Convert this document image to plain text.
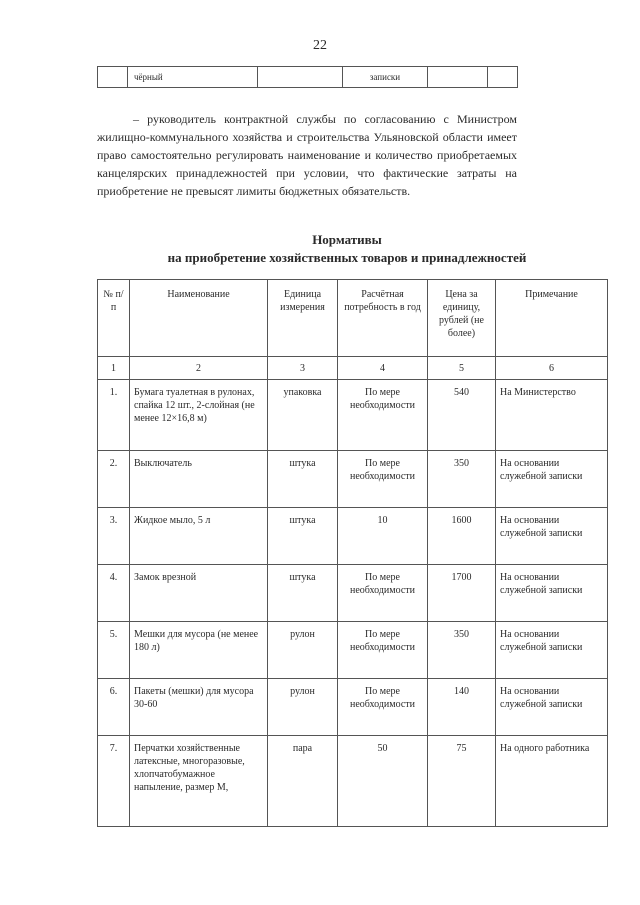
22
	чёрный		записки		

– руководитель контрактной службы по согласованию с Министром жилищно-коммунального хозяйства и строительства Ульяновской области имеет право самостоятельно регулировать наименование и количество приобретаемых канцелярских принадлежностей при условии, что фактические затраты на приобретение не превысят лимиты бюджетных обязательств.

Нормативы
на приобретение хозяйственных товаров и принадлежностей
№ п/п	Наименование	Единица измерения	Расчётная потребность в год	Цена за единицу, рублей (не более)	Примечание
1	2	3	4	5	6
1.	Бумага туалетная в рулонах, спайка 12 шт., 2-слойная (не менее 12×16,8 м)	упаковка	По мере необходимости	540	На Министерство
2.	Выключатель	штука	По мере необходимости	350	На основании служебной записки
3.	Жидкое мыло, 5 л	штука	10	1600	На основании служебной записки
4.	Замок врезной	штука	По мере необходимости	1700	На основании служебной записки
5.	Мешки для мусора (не менее 180 л)	рулон	По мере необходимости	350	На основании служебной записки
6.	Пакеты (мешки) для мусора 30-60	рулон	По мере необходимости	140	На основании служебной записки
7.	Перчатки хозяйственные латексные, многоразовые, хлопчатобумажное напыление, размер М,	пара	50	75	На одного работника
